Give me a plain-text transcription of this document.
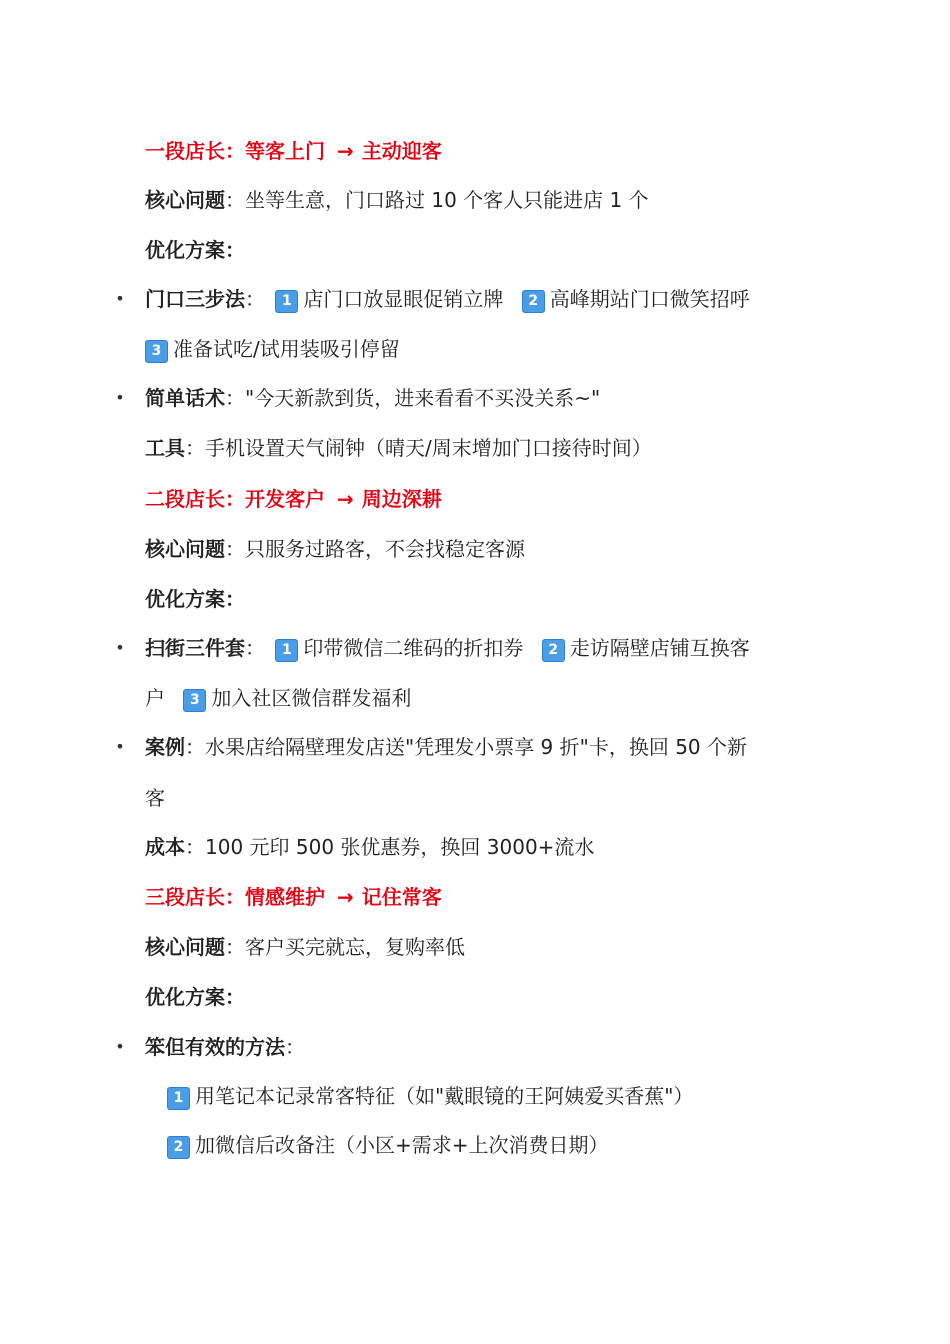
一段店长：等客上门 → 主动迎客
核心问题：坐等生意，门口路过 10 个客人只能进店 1 个
优化方案：
• 门口三步法： 1 店门口放显眼促销立牌 2 高峰期站门口微笑招呼
3 准备试吃/试用装吸引停留
• 简单话术："今天新款到货，进来看看不买没关系~"
工具：手机设置天气闹钟（晴天/周末增加门口接待时间）
二段店长：开发客户 → 周边深耕
核心问题：只服务过路客，不会找稳定客源
优化方案：
• 扫街三件套： 1 印带微信二维码的折扣券 2 走访隔壁店铺互换客
户 3 加入社区微信群发福利
• 案例：水果店给隔壁理发店送"凭理发小票享 9 折"卡，换回 50 个新
客
成本：100 元印 500 张优惠券，换回 3000+流水
三段店长：情感维护 → 记住常客
核心问题：客户买完就忘，复购率低
优化方案：
• 笨但有效的方法：
1 用笔记本记录常客特征（如"戴眼镜的王阿姨爱买香蕉"）
2 加微信后改备注（小区+需求+上次消费日期）
